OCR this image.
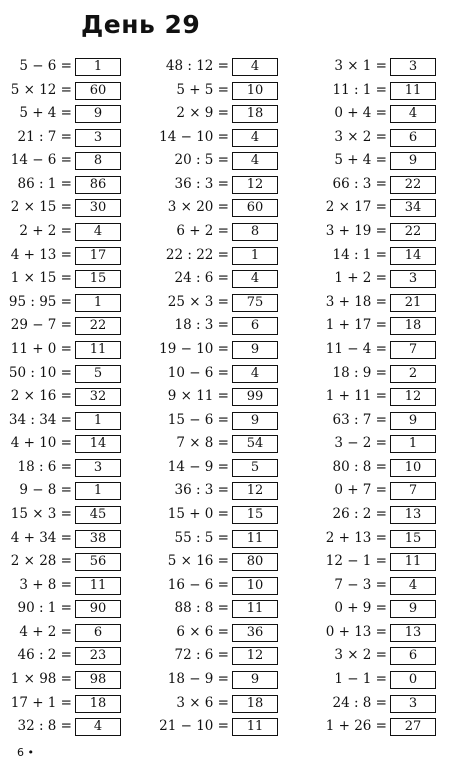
День 29
5 − 6 =	1
5 × 12 =	60
5 + 4 =	9
21 : 7 =	3
14 − 6 =	8
86 : 1 =	86
2 × 15 =	30
2 + 2 =	4
4 + 13 =	17
1 × 15 =	15
95 : 95 =	1
29 − 7 =	22
11 + 0 =	11
50 : 10 =	5
2 × 16 =	32
34 : 34 =	1
4 + 10 =	14
18 : 6 =	3
9 − 8 =	1
15 × 3 =	45
4 + 34 =	38
2 × 28 =	56
3 + 8 =	11
90 : 1 =	90
4 + 2 =	6
46 : 2 =	23
1 × 98 =	98
17 + 1 =	18
32 : 8 =	4
48 : 12 =	4
5 + 5 =	10
2 × 9 =	18
14 − 10 =	4
20 : 5 =	4
36 : 3 =	12
3 × 20 =	60
6 + 2 =	8
22 : 22 =	1
24 : 6 =	4
25 × 3 =	75
18 : 3 =	6
19 − 10 =	9
10 − 6 =	4
9 × 11 =	99
15 − 6 =	9
7 × 8 =	54
14 − 9 =	5
36 : 3 =	12
15 + 0 =	15
55 : 5 =	11
5 × 16 =	80
16 − 6 =	10
88 : 8 =	11
6 × 6 =	36
72 : 6 =	12
18 − 9 =	9
3 × 6 =	18
21 − 10 =	11
3 × 1 =	3
11 : 1 =	11
0 + 4 =	4
3 × 2 =	6
5 + 4 =	9
66 : 3 =	22
2 × 17 =	34
3 + 19 =	22
14 : 1 =	14
1 + 2 =	3
3 + 18 =	21
1 + 17 =	18
11 − 4 =	7
18 : 9 =	2
1 + 11 =	12
63 : 7 =	9
3 − 2 =	1
80 : 8 =	10
0 + 7 =	7
26 : 2 =	13
2 + 13 =	15
12 − 1 =	11
7 − 3 =	4
0 + 9 =	9
0 + 13 =	13
3 × 2 =	6
1 − 1 =	0
24 : 8 =	3
1 + 26 =	27
6 •
